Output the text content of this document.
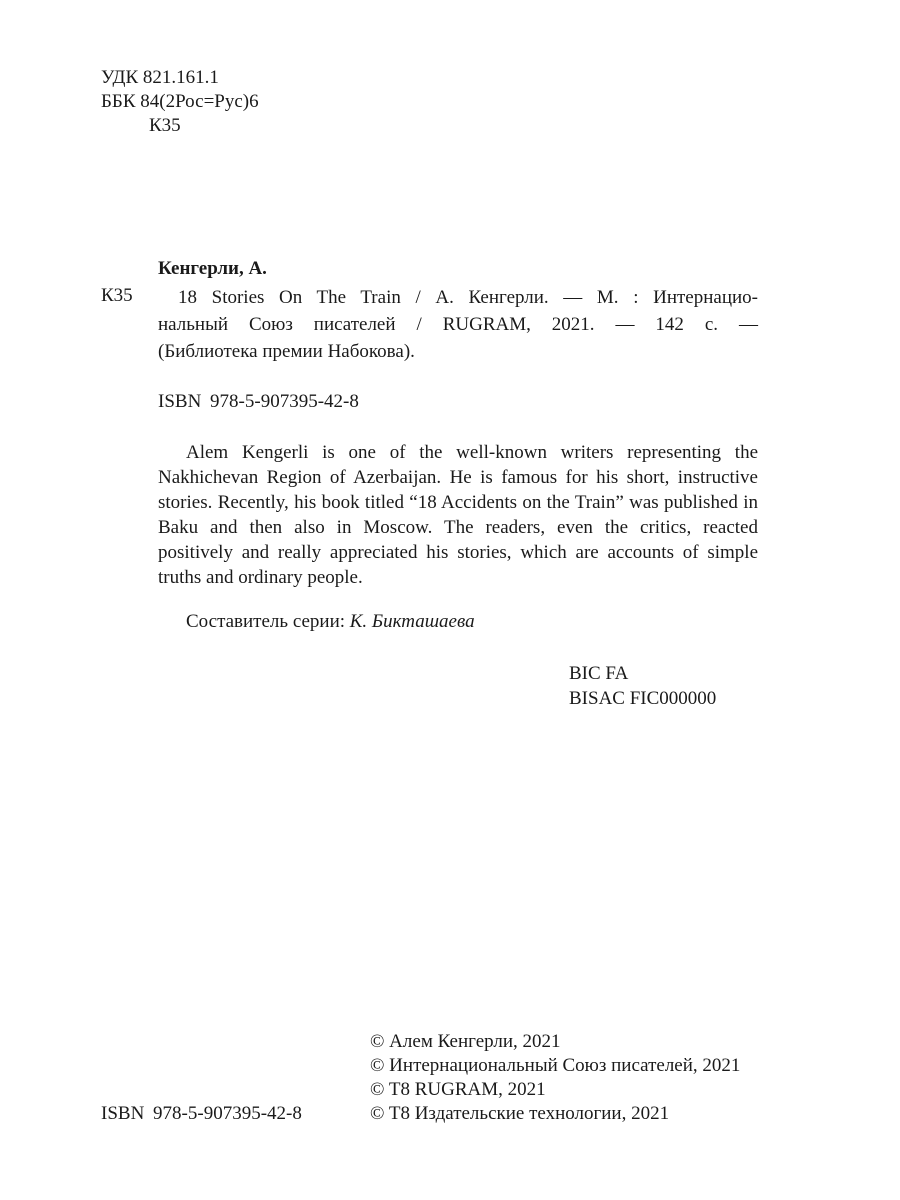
УДК 821.161.1
ББК 84(2Рос=Рус)6
К35
Кенгерли, А.
К35	18 Stories On The Train / А. Кенгерли. — М. : Интернацио-
нальный Союз писателей / RUGRAM, 2021. — 142 с. —
(Библиотека премии Набокова).
ISBN 978-5-907395-42-8

Alem Kengerli is one of the well-known writers representing the Nakhichevan Region of Azerbaijan. He is famous for his short, instructive stories. Recently, his book titled “18 Accidents on the Train” was published in Baku and then also in Moscow. The readers, even the critics, reacted positively and really appreciated his stories, which are accounts of simple truths and ordinary people.

Составитель серии: К. Бикташаева
BIC FA
BISAC FIC000000
© Алем Кенгерли, 2021
© Интернациональный Союз писателей, 2021
© T8 RUGRAM, 2021
© T8 Издательские технологии, 2021
ISBN 978-5-907395-42-8
